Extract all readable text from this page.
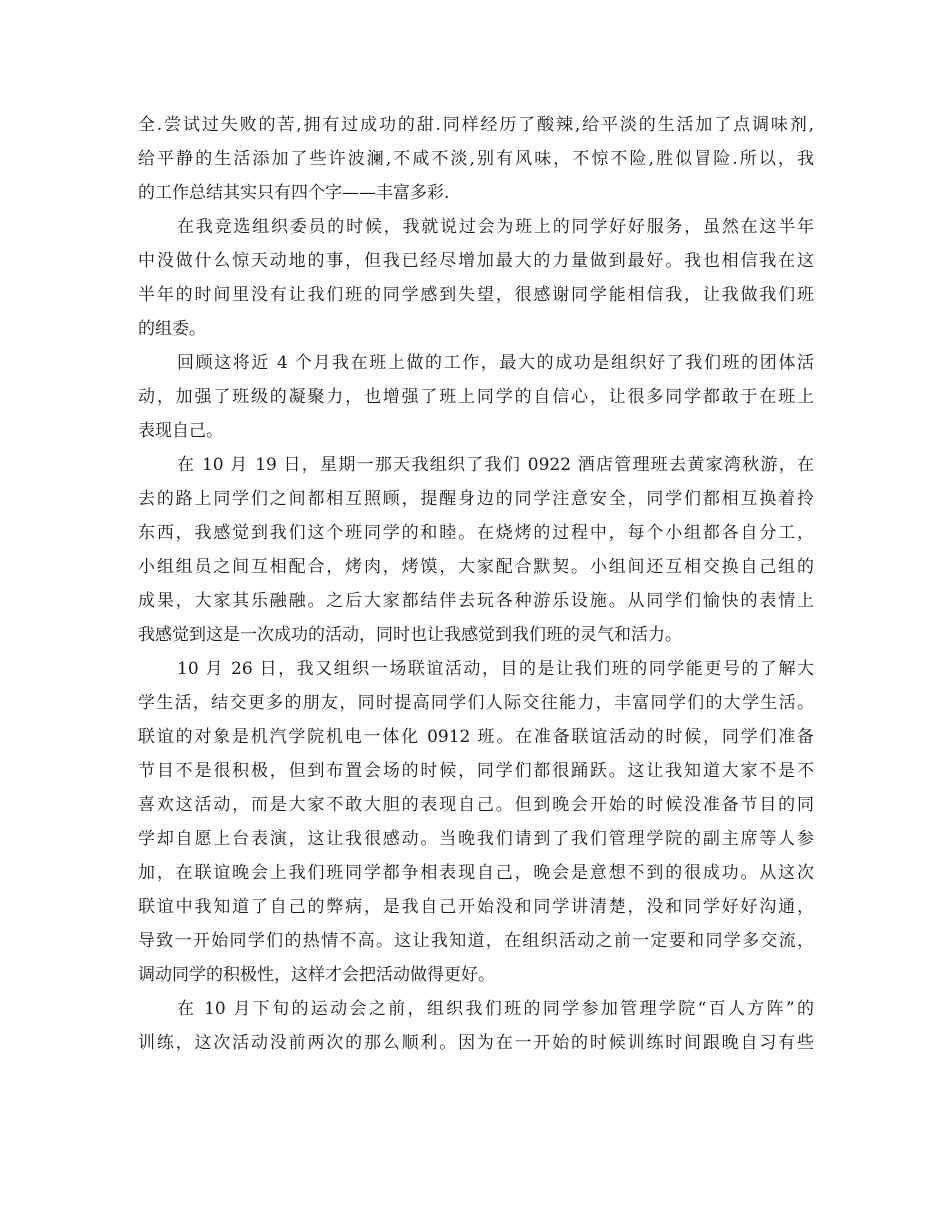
全.尝试过失败的苦,拥有过成功的甜.同样经历了酸辣,给平淡的生活加了点调味剂,
给平静的生活添加了些许波澜,不咸不淡,别有风味，不惊不险,胜似冒险.所以，我
的工作总结其实只有四个字——丰富多彩.

在我竞选组织委员的时候，我就说过会为班上的同学好好服务，虽然在这半年
中没做什么惊天动地的事，但我已经尽增加最大的力量做到最好。我也相信我在这
半年的时间里没有让我们班的同学感到失望，很感谢同学能相信我，让我做我们班
的组委。

回顾这将近 4 个月我在班上做的工作，最大的成功是组织好了我们班的团体活
动，加强了班级的凝聚力，也增强了班上同学的自信心，让很多同学都敢于在班上
表现自己。

在 10 月 19 日，星期一那天我组织了我们 0922 酒店管理班去黄家湾秋游，在
去的路上同学们之间都相互照顾，提醒身边的同学注意安全，同学们都相互换着拎
东西，我感觉到我们这个班同学的和睦。在烧烤的过程中，每个小组都各自分工，
小组组员之间互相配合，烤肉，烤馍，大家配合默契。小组间还互相交换自己组的
成果，大家其乐融融。之后大家都结伴去玩各种游乐设施。从同学们愉快的表情上
我感觉到这是一次成功的活动，同时也让我感觉到我们班的灵气和活力。

10 月 26 日，我又组织一场联谊活动，目的是让我们班的同学能更号的了解大
学生活，结交更多的朋友，同时提高同学们人际交往能力，丰富同学们的大学生活。
联谊的对象是机汽学院机电一体化 0912 班。在准备联谊活动的时候，同学们准备
节目不是很积极，但到布置会场的时候，同学们都很踊跃。这让我知道大家不是不
喜欢这活动，而是大家不敢大胆的表现自己。但到晚会开始的时候没准备节目的同
学却自愿上台表演，这让我很感动。当晚我们请到了我们管理学院的副主席等人参
加，在联谊晚会上我们班同学都争相表现自己，晚会是意想不到的很成功。从这次
联谊中我知道了自己的弊病，是我自己开始没和同学讲清楚，没和同学好好沟通，
导致一开始同学们的热情不高。这让我知道，在组织活动之前一定要和同学多交流，
调动同学的积极性，这样才会把活动做得更好。

在 10 月下旬的运动会之前，组织我们班的同学参加管理学院“百人方阵”的
训练，这次活动没前两次的那么顺利。因为在一开始的时候训练时间跟晚自习有些
